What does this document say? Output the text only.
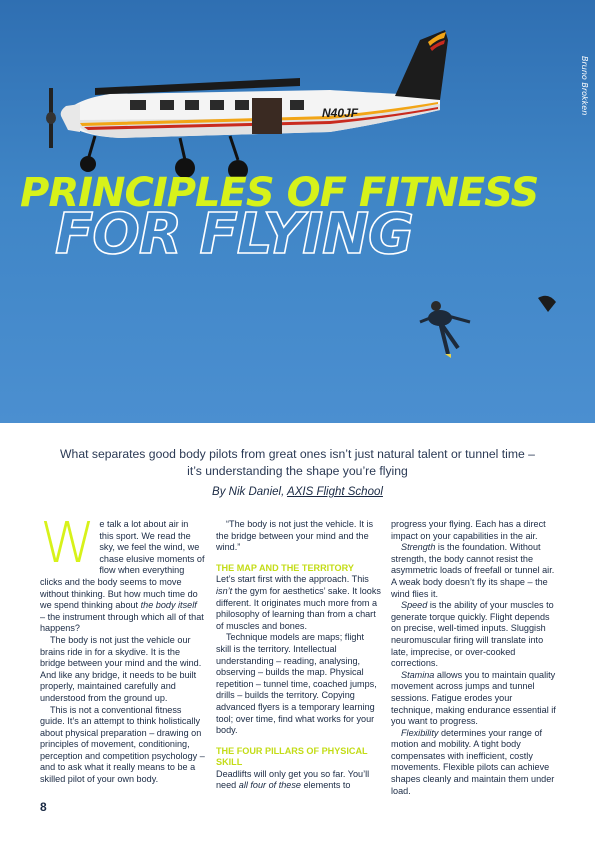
Bruno Brokken
N40JF
PRINCIPLES OF FITNESS
FOR FLYING
What separates good body pilots from great ones isn’t just natural talent or tunnel time – it’s understanding the shape you’re flying
By Nik Daniel, AXIS Flight School
W e talk a lot about air in this sport. We read the sky, we feel the wind, we chase elusive moments of flow when everything clicks and the body seems to move without thinking. But how much time do we spend thinking about the body itself
– the instrument through which all of that happens?

The body is not just the vehicle our brains ride in for a skydive. It is the bridge between your mind and the wind. And like any bridge, it needs to be built properly, maintained carefully and understood from the ground up.

This is not a conventional fitness guide. It’s an attempt to think holistically about physical preparation – drawing on principles of movement, conditioning, perception and competition psychology – and to ask what it really means to be a skilled pilot of your own body.

“The body is not just the vehicle. It is the bridge between your mind and the wind.”

THE MAP AND THE TERRITORY

Let’s start first with the approach. This isn’t the gym for aesthetics’ sake. It looks different. It originates much more from a philosophy of learning than from a chart of muscles and bones.

Technique models are maps; flight skill is the territory. Intellectual understanding – reading, analysing, observing – builds the map. Physical repetition – tunnel time, coached jumps, drills – builds the territory. Copying advanced flyers is a temporary learning tool; over time, find what works for your body.

THE FOUR PILLARS OF PHYSICAL SKILL

Deadlifts will only get you so far. You’ll need all four of these elements to

progress your flying. Each has a direct impact on your capabilities in the air.

Strength is the foundation. Without strength, the body cannot resist the asymmetric loads of freefall or tunnel air. A weak body doesn’t fly its shape – the wind flies it.

Speed is the ability of your muscles to generate torque quickly. Flight depends on precise, well-timed inputs. Sluggish neuromuscular firing will translate into late, imprecise, or over-cooked corrections.

Stamina allows you to maintain quality movement across jumps and tunnel sessions. Fatigue erodes your technique, making endurance essential if you want to progress.

Flexibility determines your range of motion and mobility. A tight body compensates with inefficient, costly movements. Flexible pilots can achieve shapes cleanly and maintain them under load.

8
